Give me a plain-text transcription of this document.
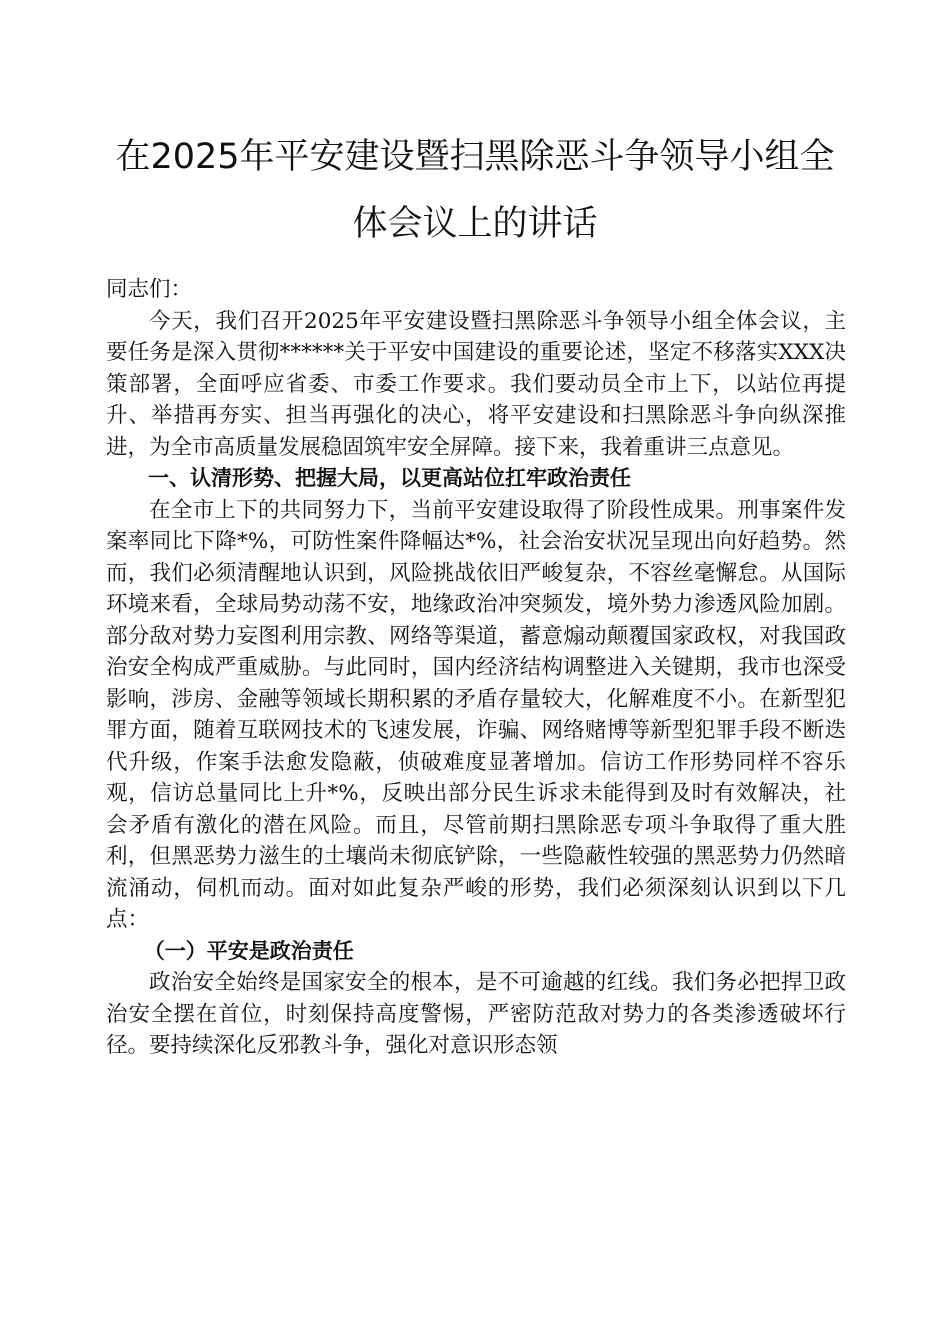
在2025年平安建设暨扫黑除恶斗争领导小组全
体会议上的讲话

同志们：

今天，我们召开2025年平安建设暨扫黑除恶斗争领导小组全体会议，主要任务是深入贯彻******关于平安中国建设的重要论述，坚定不移落实XXX决策部署，全面呼应省委、市委工作要求。我们要动员全市上下，以站位再提升、举措再夯实、担当再强化的决心，将平安建设和扫黑除恶斗争向纵深推进，为全市高质量发展稳固筑牢安全屏障。接下来，我着重讲三点意见。

一、认清形势、把握大局，以更高站位扛牢政治责任

在全市上下的共同努力下，当前平安建设取得了阶段性成果。刑事案件发案率同比下降*%，可防性案件降幅达*%，社会治安状况呈现出向好趋势。然而，我们必须清醒地认识到，风险挑战依旧严峻复杂，不容丝毫懈怠。从国际环境来看，全球局势动荡不安，地缘政治冲突频发，境外势力渗透风险加剧。部分敌对势力妄图利用宗教、网络等渠道，蓄意煽动颠覆国家政权，对我国政治安全构成严重威胁。与此同时，国内经济结构调整进入关键期，我市也深受影响，涉房、金融等领域长期积累的矛盾存量较大，化解难度不小。在新型犯罪方面，随着互联网技术的飞速发展，诈骗、网络赌博等新型犯罪手段不断迭代升级，作案手法愈发隐蔽，侦破难度显著增加。信访工作形势同样不容乐观，信访总量同比上升*%，反映出部分民生诉求未能得到及时有效解决，社会矛盾有激化的潜在风险。而且，尽管前期扫黑除恶专项斗争取得了重大胜利，但黑恶势力滋生的土壤尚未彻底铲除，一些隐蔽性较强的黑恶势力仍然暗流涌动，伺机而动。面对如此复杂严峻的形势，我们必须深刻认识到以下几点：

（一）平安是政治责任

政治安全始终是国家安全的根本，是不可逾越的红线。我们务必把捍卫政治安全摆在首位，时刻保持高度警惕，严密防范敌对势力的各类渗透破坏行径。要持续深化反邪教斗争，强化对意识形态领
